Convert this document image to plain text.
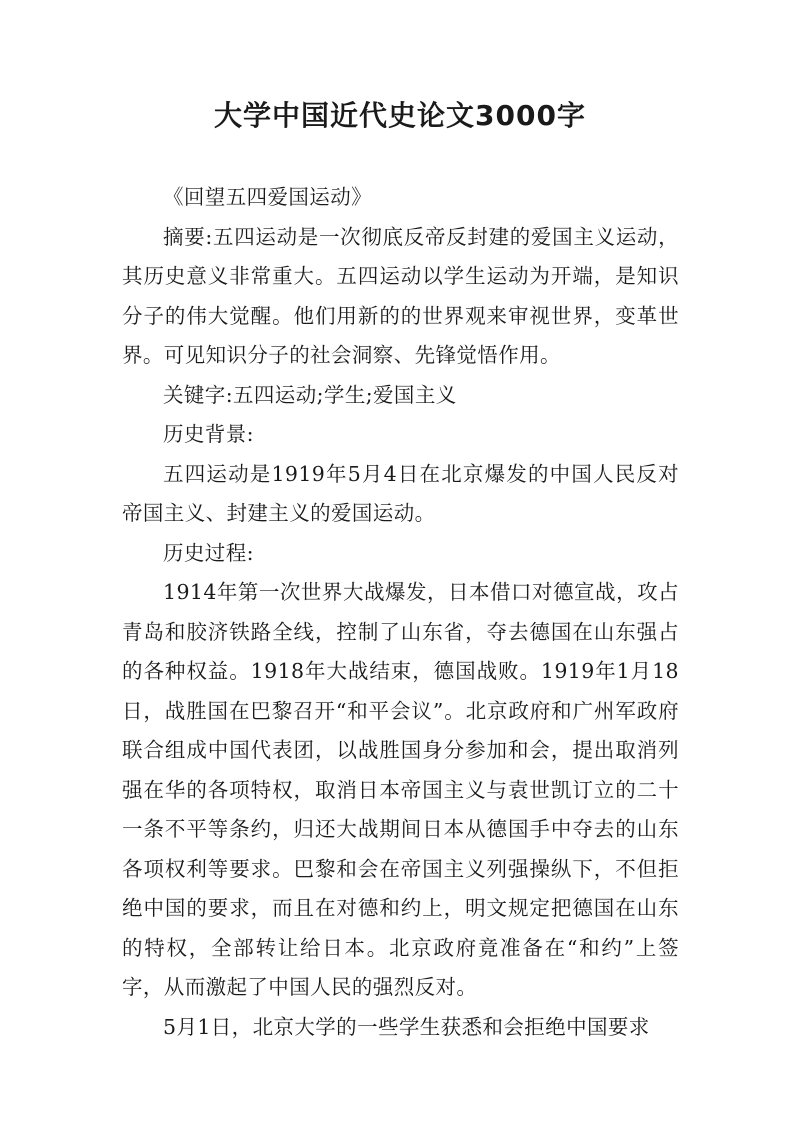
大学中国近代史论文3000字

《回望五四爱国运动》

摘要:五四运动是一次彻底反帝反封建的爱国主义运动，其历史意义非常重大。五四运动以学生运动为开端，是知识分子的伟大觉醒。他们用新的的世界观来审视世界，变革世界。可见知识分子的社会洞察、先锋觉悟作用。

关键字:五四运动;学生;爱国主义

历史背景:

五四运动是1919年5月4日在北京爆发的中国人民反对帝国主义、封建主义的爱国运动。

历史过程:

1914年第一次世界大战爆发，日本借口对德宣战，攻占青岛和胶济铁路全线，控制了山东省，夺去德国在山东强占的各种权益。1918年大战结束，德国战败。1919年1月18日，战胜国在巴黎召开“和平会议”。北京政府和广州军政府联合组成中国代表团，以战胜国身分参加和会，提出取消列强在华的各项特权，取消日本帝国主义与袁世凯订立的二十一条不平等条约，归还大战期间日本从德国手中夺去的山东各项权利等要求。巴黎和会在帝国主义列强操纵下，不但拒绝中国的要求，而且在对德和约上，明文规定把德国在山东的特权，全部转让给日本。北京政府竟准备在“和约”上签字，从而激起了中国人民的强烈反对。

5月1日，北京大学的一些学生获悉和会拒绝中国要求
